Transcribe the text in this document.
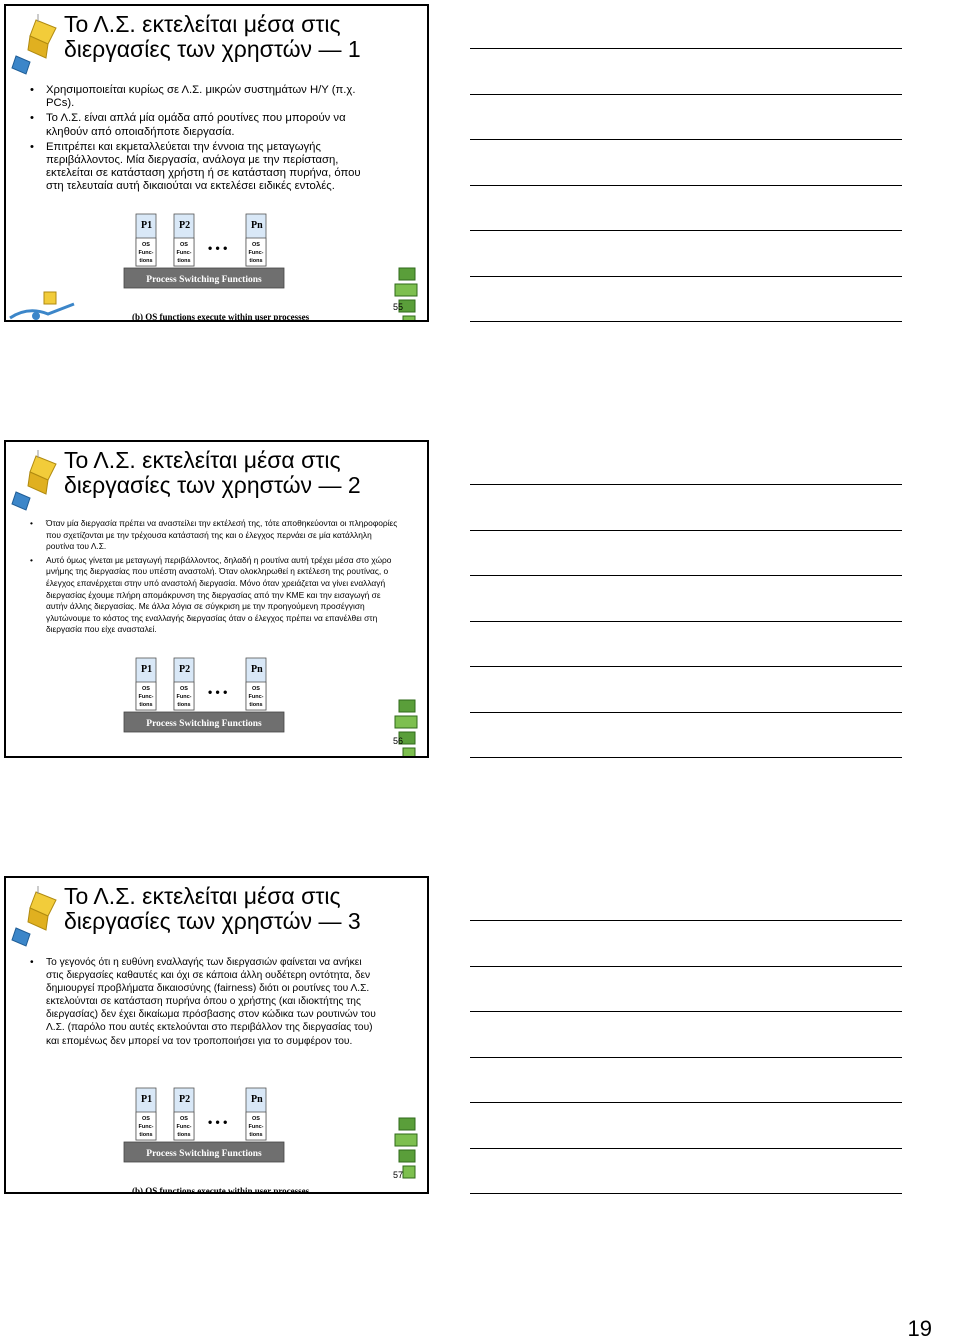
Το Λ.Σ. εκτελείται μέσα στις
διεργασίες των χρηστών — 1
• Χρησιμοποιείται κυρίως σε Λ.Σ. μικρών συστημάτων Η/Υ (π.χ. PCs).
• Το Λ.Σ. είναι απλά μία ομάδα από ρουτίνες που μπορούν να κληθούν από οποιαδήποτε διεργασία.
• Επιτρέπει και εκμεταλλεύεται την έννοια της μεταγωγής περιβάλλοντος. Μία διεργασία, ανάλογα με την περίσταση, εκτελείται σε κατάσταση χρήστη ή σε κατάσταση πυρήνα, όπου στη τελευταία αυτή δικαιούται να εκτελέσει ειδικές εντολές.
P1
OS
Func-
tions
P2
OS
Func-
tions
• • •
Pn
OS
Func-
tions
Process Switching Functions
(b) OS functions execute within user processes
55
Το Λ.Σ. εκτελείται μέσα στις
διεργασίες των χρηστών — 2
• Όταν μία διεργασία πρέπει να αναστείλει την εκτέλεσή της, τότε αποθηκεύονται οι πληροφορίες που σχετίζονται με την τρέχουσα κατάστασή της και ο έλεγχος περνάει σε μία κατάλληλη ρουτίνα του Λ.Σ.
• Αυτό όμως γίνεται με μεταγωγή περιβάλλοντος, δηλαδή η ρουτίνα αυτή τρέχει μέσα στο χώρο μνήμης της διεργασίας που υπέστη αναστολή. Όταν ολοκληρωθεί η εκτέλεση της ρουτίνας, ο έλεγχος επανέρχεται στην υπό αναστολή διεργασία. Μόνο όταν χρειάζεται να γίνει εναλλαγή διεργασίας έχουμε πλήρη απομάκρυνση της διεργασίας από την ΚΜΕ και την εισαγωγή σε αυτήν άλλης διεργασίας. Με άλλα λόγια σε σύγκριση με την προηγούμενη προσέγγιση γλυτώνουμε το κόστος της εναλλαγής διεργασίας όταν ο έλεγχος πρέπει να επανέλθει στη διεργασία που είχε ανασταλεί.
P1
OS
Func-
tions
P2
OS
Func-
tions
• • •
Pn
OS
Func-
tions
Process Switching Functions
(b) OS functions execute within user processes
56
Το Λ.Σ. εκτελείται μέσα στις
διεργασίες των χρηστών — 3
• Το γεγονός ότι η ευθύνη εναλλαγής των διεργασιών φαίνεται να ανήκει στις διεργασίες καθαυτές και όχι σε κάποια άλλη ουδέτερη οντότητα, δεν δημιουργεί προβλήματα δικαιοσύνης (fairness) διότι οι ρουτίνες του Λ.Σ. εκτελούνται σε κατάσταση πυρήνα όπου ο χρήστης (και ιδιοκτήτης της διεργασίας) δεν έχει δικαίωμα πρόσβασης στον κώδικα των ρουτινών του Λ.Σ. (παρόλο που αυτές εκτελούνται στο περιβάλλον της διεργασίας του) και επομένως δεν μπορεί να τον τροποποιήσει για το συμφέρον του.
P1
OS
Func-
tions
P2
OS
Func-
tions
• • •
Pn
OS
Func-
tions
Process Switching Functions
(b) OS functions execute within user processes
57
19
